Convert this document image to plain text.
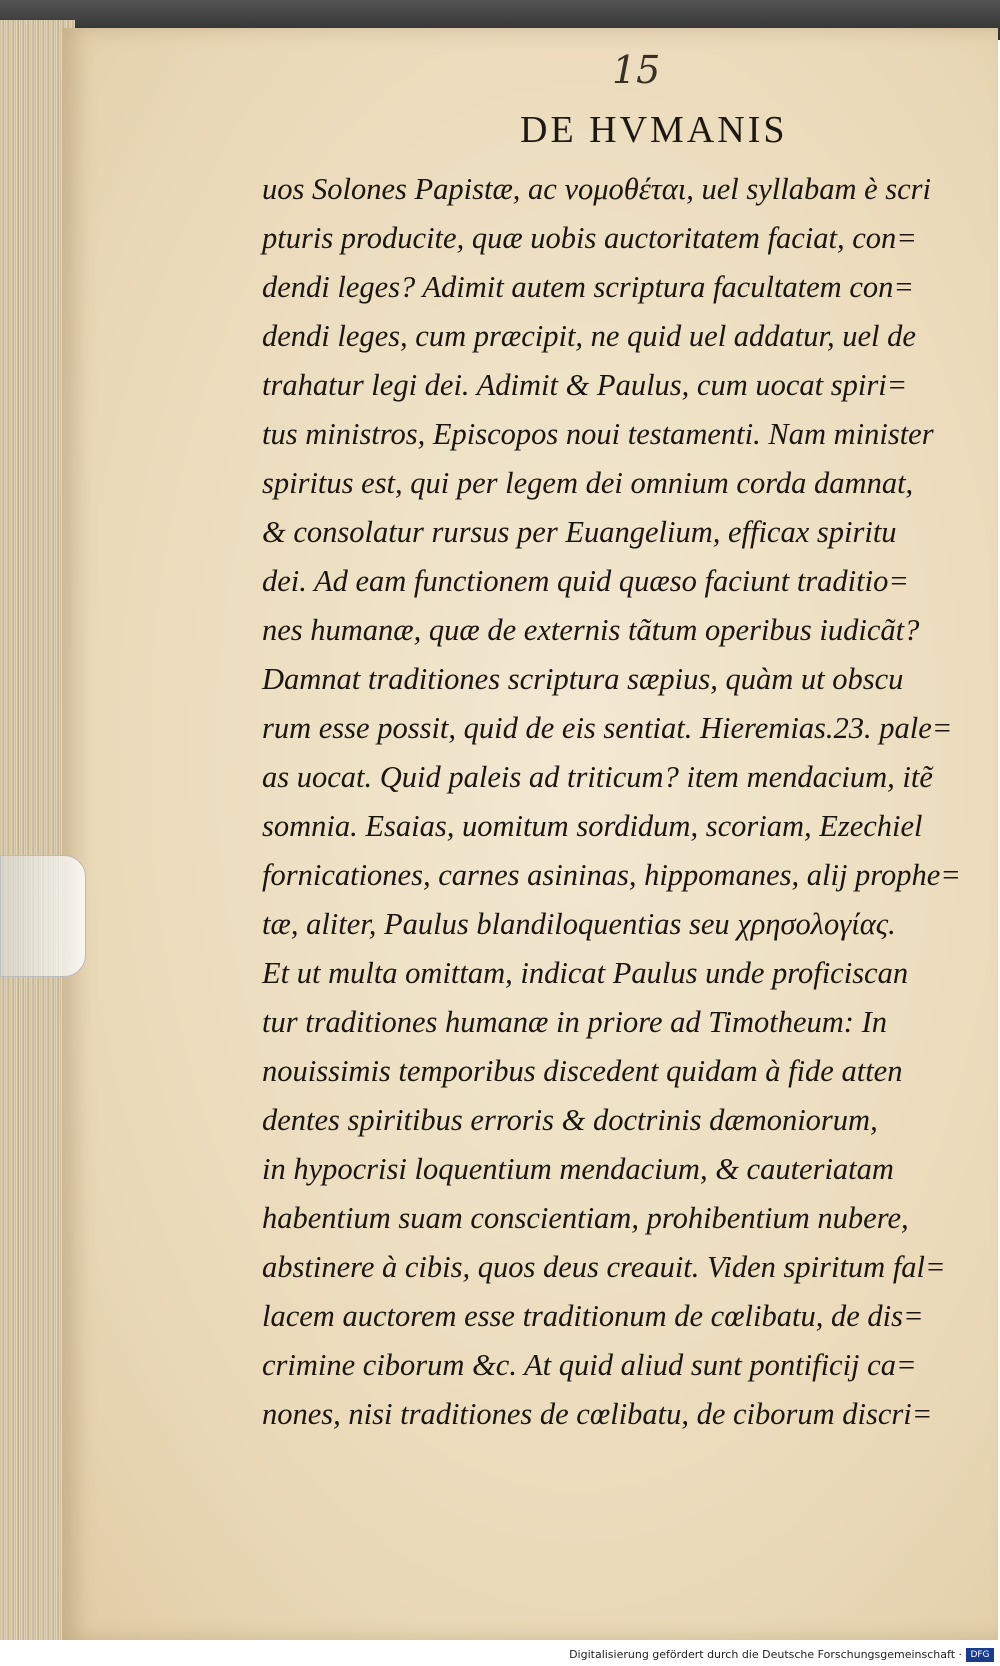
15
DE HVMANIS
uos Solones Papistæ, ac νομοθέται, uel syllabam è scri
pturis producite, quæ uobis auctoritatem faciat, con=
dendi leges? Adimit autem scriptura facultatem con=
dendi leges, cum præcipit, ne quid uel addatur, uel de
trahatur legi dei. Adimit & Paulus, cum uocat spiri=
tus ministros, Episcopos noui testamenti. Nam minister
spiritus est, qui per legem dei omnium corda damnat,
& consolatur rursus per Euangelium, efficax spiritu
dei. Ad eam functionem quid quæso faciunt traditio=
nes humanæ, quæ de externis tãtum operibus iudicãt?
Damnat traditiones scriptura sæpius, quàm ut obscu
rum esse possit, quid de eis sentiat. Hieremias.23. pale=
as uocat. Quid paleis ad triticum? item mendacium, itẽ
somnia. Esaias, uomitum sordidum, scoriam, Ezechiel
fornicationes, carnes asininas, hippomanes, alij prophe=
tæ, aliter, Paulus blandiloquentias seu χρησολογίας.
Et ut multa omittam, indicat Paulus unde proficiscan
tur traditiones humanæ in priore ad Timotheum: In
nouissimis temporibus discedent quidam à fide atten
dentes spiritibus erroris & doctrinis dæmoniorum,
in hypocrisi loquentium mendacium, & cauteriatam
habentium suam conscientiam, prohibentium nubere,
abstinere à cibis, quos deus creauit. Viden spiritum fal=
lacem auctorem esse traditionum de cœlibatu, de dis=
crimine ciborum &c. At quid aliud sunt pontificij ca=
nones, nisi traditiones de cœlibatu, de ciborum discri=
Digitalisierung gefördert durch die Deutsche Forschungsgemeinschaft · DFG
